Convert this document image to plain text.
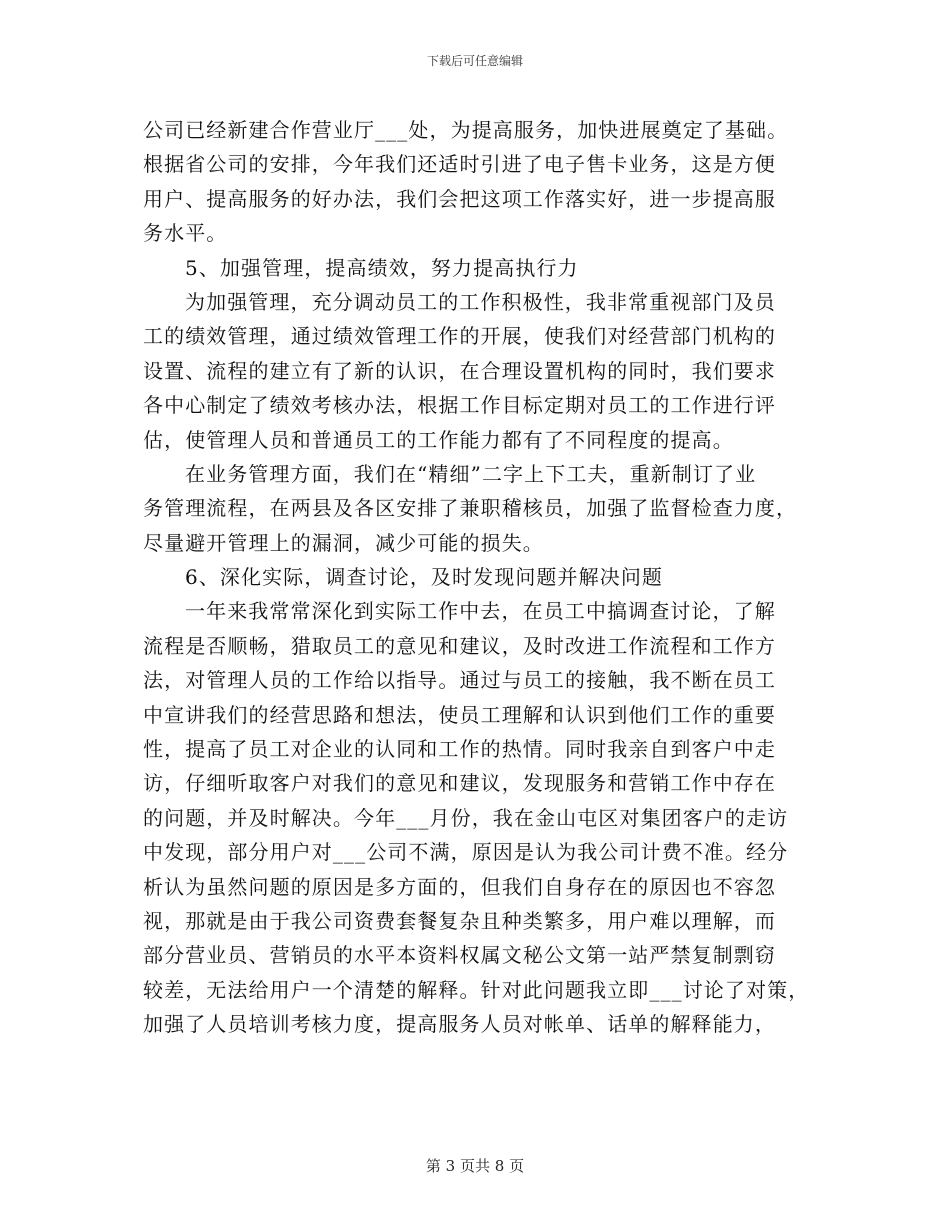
下载后可任意编辑
公司已经新建合作营业厅___处，为提高服务，加快进展奠定了基础。
根据省公司的安排，今年我们还适时引进了电子售卡业务，这是方便
用户、提高服务的好办法，我们会把这项工作落实好，进一步提高服
务水平。
5、加强管理，提高绩效，努力提高执行力
为加强管理，充分调动员工的工作积极性，我非常重视部门及员
工的绩效管理，通过绩效管理工作的开展，使我们对经营部门机构的
设置、流程的建立有了新的认识，在合理设置机构的同时，我们要求
各中心制定了绩效考核办法，根据工作目标定期对员工的工作进行评
估，使管理人员和普通员工的工作能力都有了不同程度的提高。
在业务管理方面，我们在“精细”二字上下工夫，重新制订了业
务管理流程，在两县及各区安排了兼职稽核员，加强了监督检查力度，
尽量避开管理上的漏洞，减少可能的损失。
6、深化实际，调查讨论，及时发现问题并解决问题
一年来我常常深化到实际工作中去，在员工中搞调查讨论，了解
流程是否顺畅，猎取员工的意见和建议，及时改进工作流程和工作方
法，对管理人员的工作给以指导。通过与员工的接触，我不断在员工
中宣讲我们的经营思路和想法，使员工理解和认识到他们工作的重要
性，提高了员工对企业的认同和工作的热情。同时我亲自到客户中走
访，仔细听取客户对我们的意见和建议，发现服务和营销工作中存在
的问题，并及时解决。今年___月份，我在金山屯区对集团客户的走访
中发现，部分用户对___公司不满，原因是认为我公司计费不准。经分
析认为虽然问题的原因是多方面的，但我们自身存在的原因也不容忽
视，那就是由于我公司资费套餐复杂且种类繁多，用户难以理解，而
部分营业员、营销员的水平本资料权属文秘公文第一站严禁复制剽窃
较差，无法给用户一个清楚的解释。针对此问题我立即___讨论了对策，
加强了人员培训考核力度，提高服务人员对帐单、话单的解释能力，
第 3 页共 8 页
